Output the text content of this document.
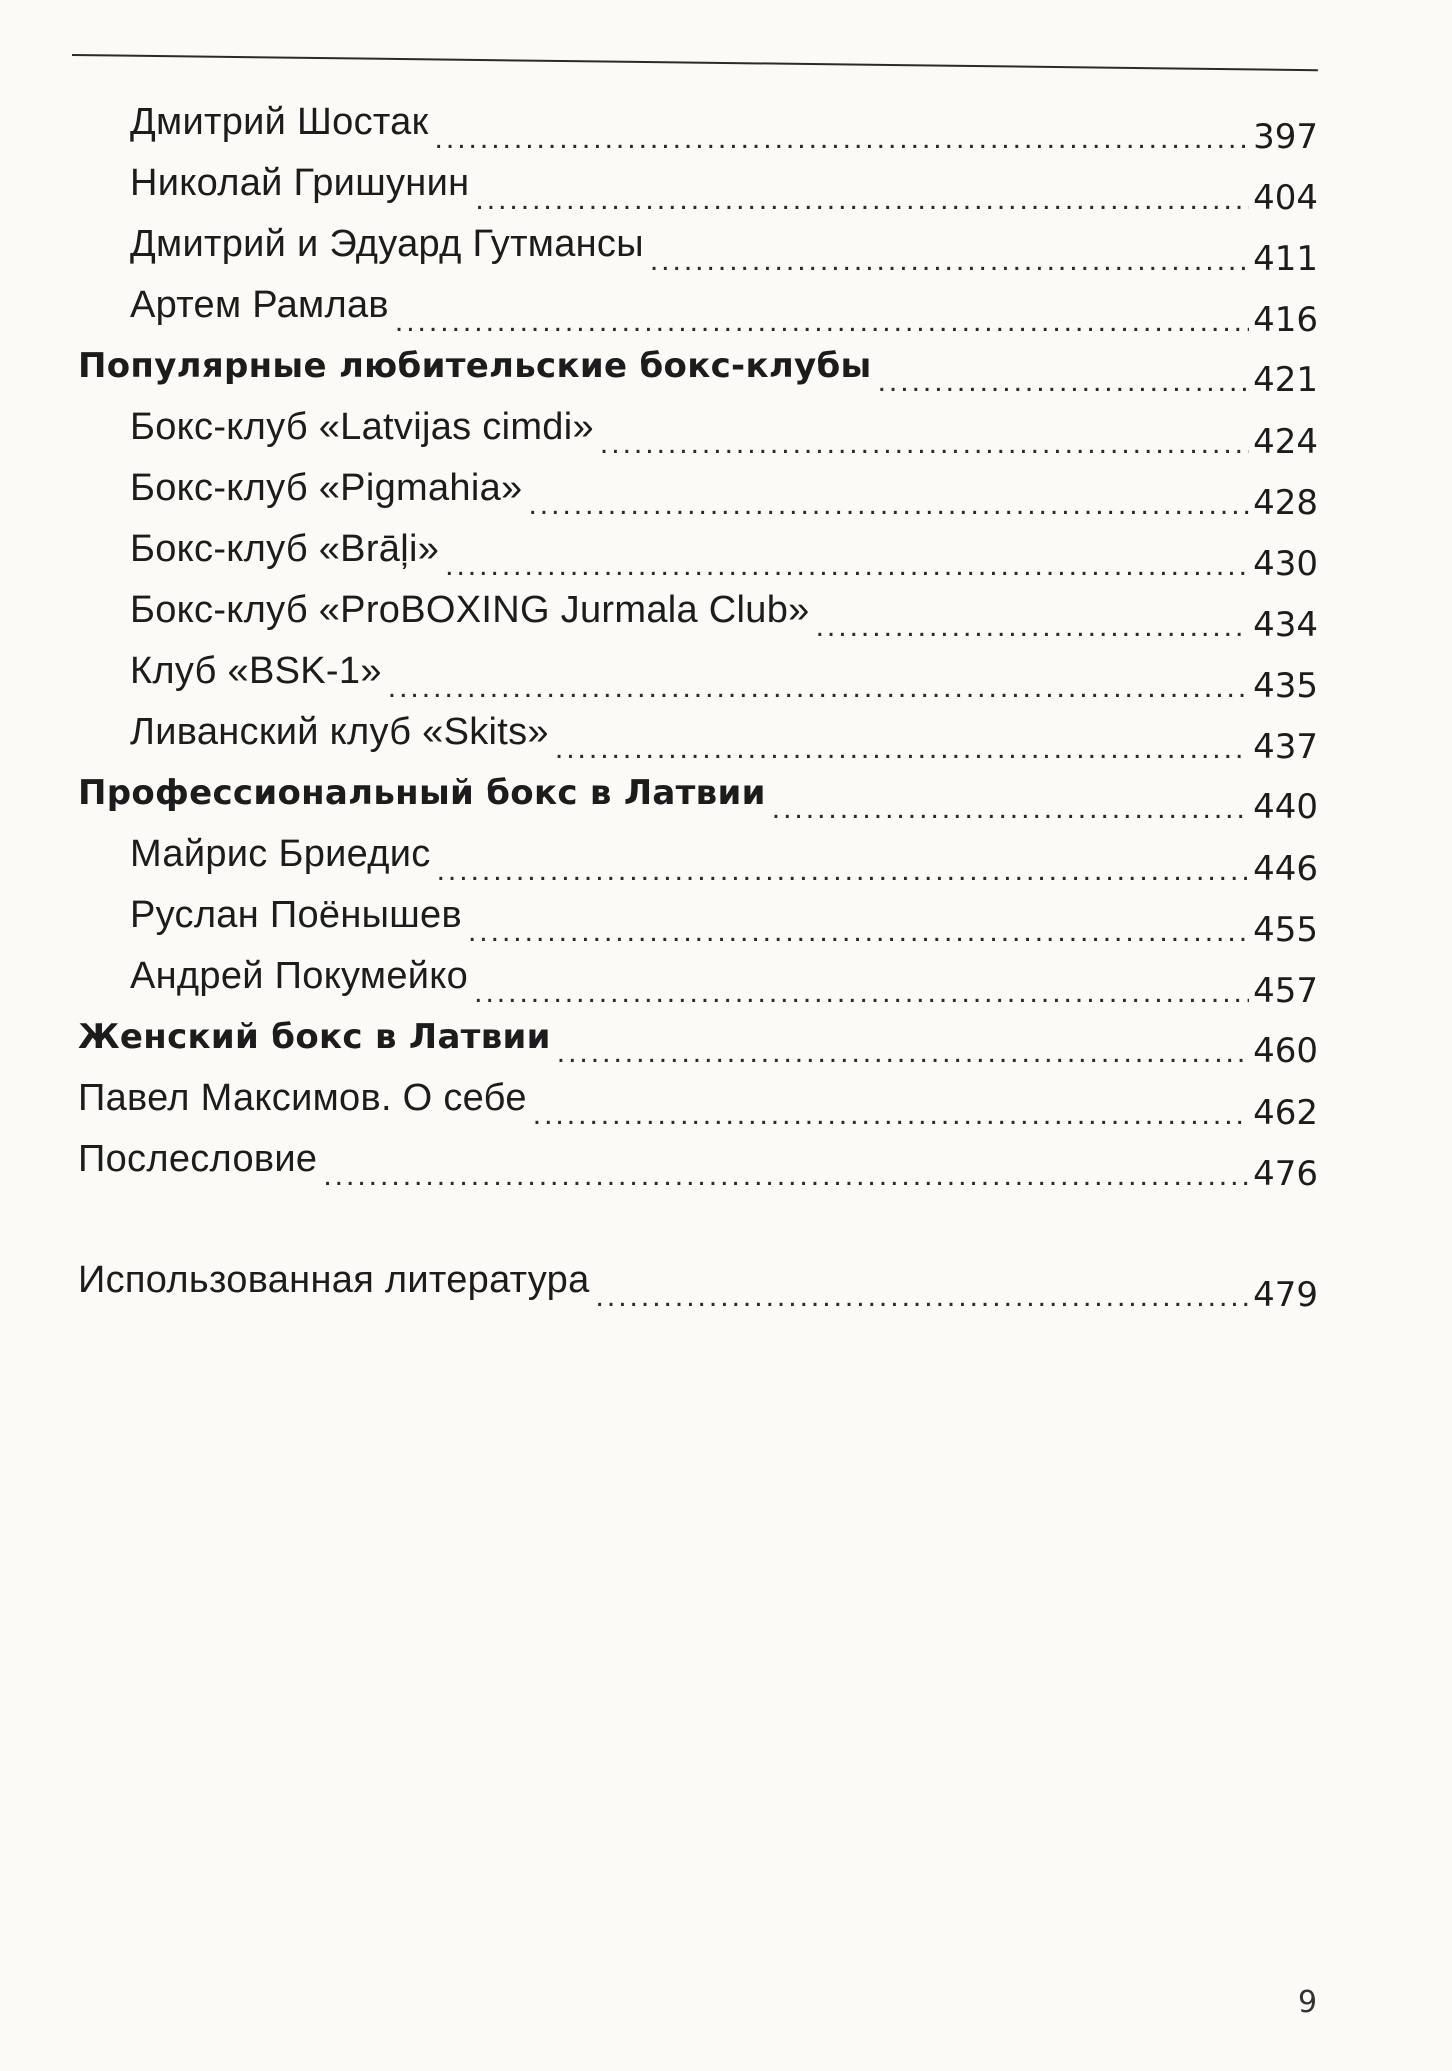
Дмитрий Шостак .....	397
Николай Гришунин .....	404
Дмитрий и Эдуард Гутмансы .....	411
Артем Рамлав .....	416
Популярные любительские бокс-клубы .....	421
Бокс-клуб «Latvijas cimdi» .....	424
Бокс-клуб «Pigmahia» .....	428
Бокс-клуб «Brāļi» .....	430
Бокс-клуб «ProBOXING Jurmala Club» .....	434
Клуб «BSK-1» .....	435
Ливанский клуб «Skits» .....	437
Профессиональный бокс в Латвии .....	440
Майрис Бриедис .....	446
Руслан Поёнышев .....	455
Андрей Покумейко .....	457
Женский бокс в Латвии .....	460
Павел Максимов. О себе .....	462
Послесловие .....	476
Использованная литература .....	479
9
